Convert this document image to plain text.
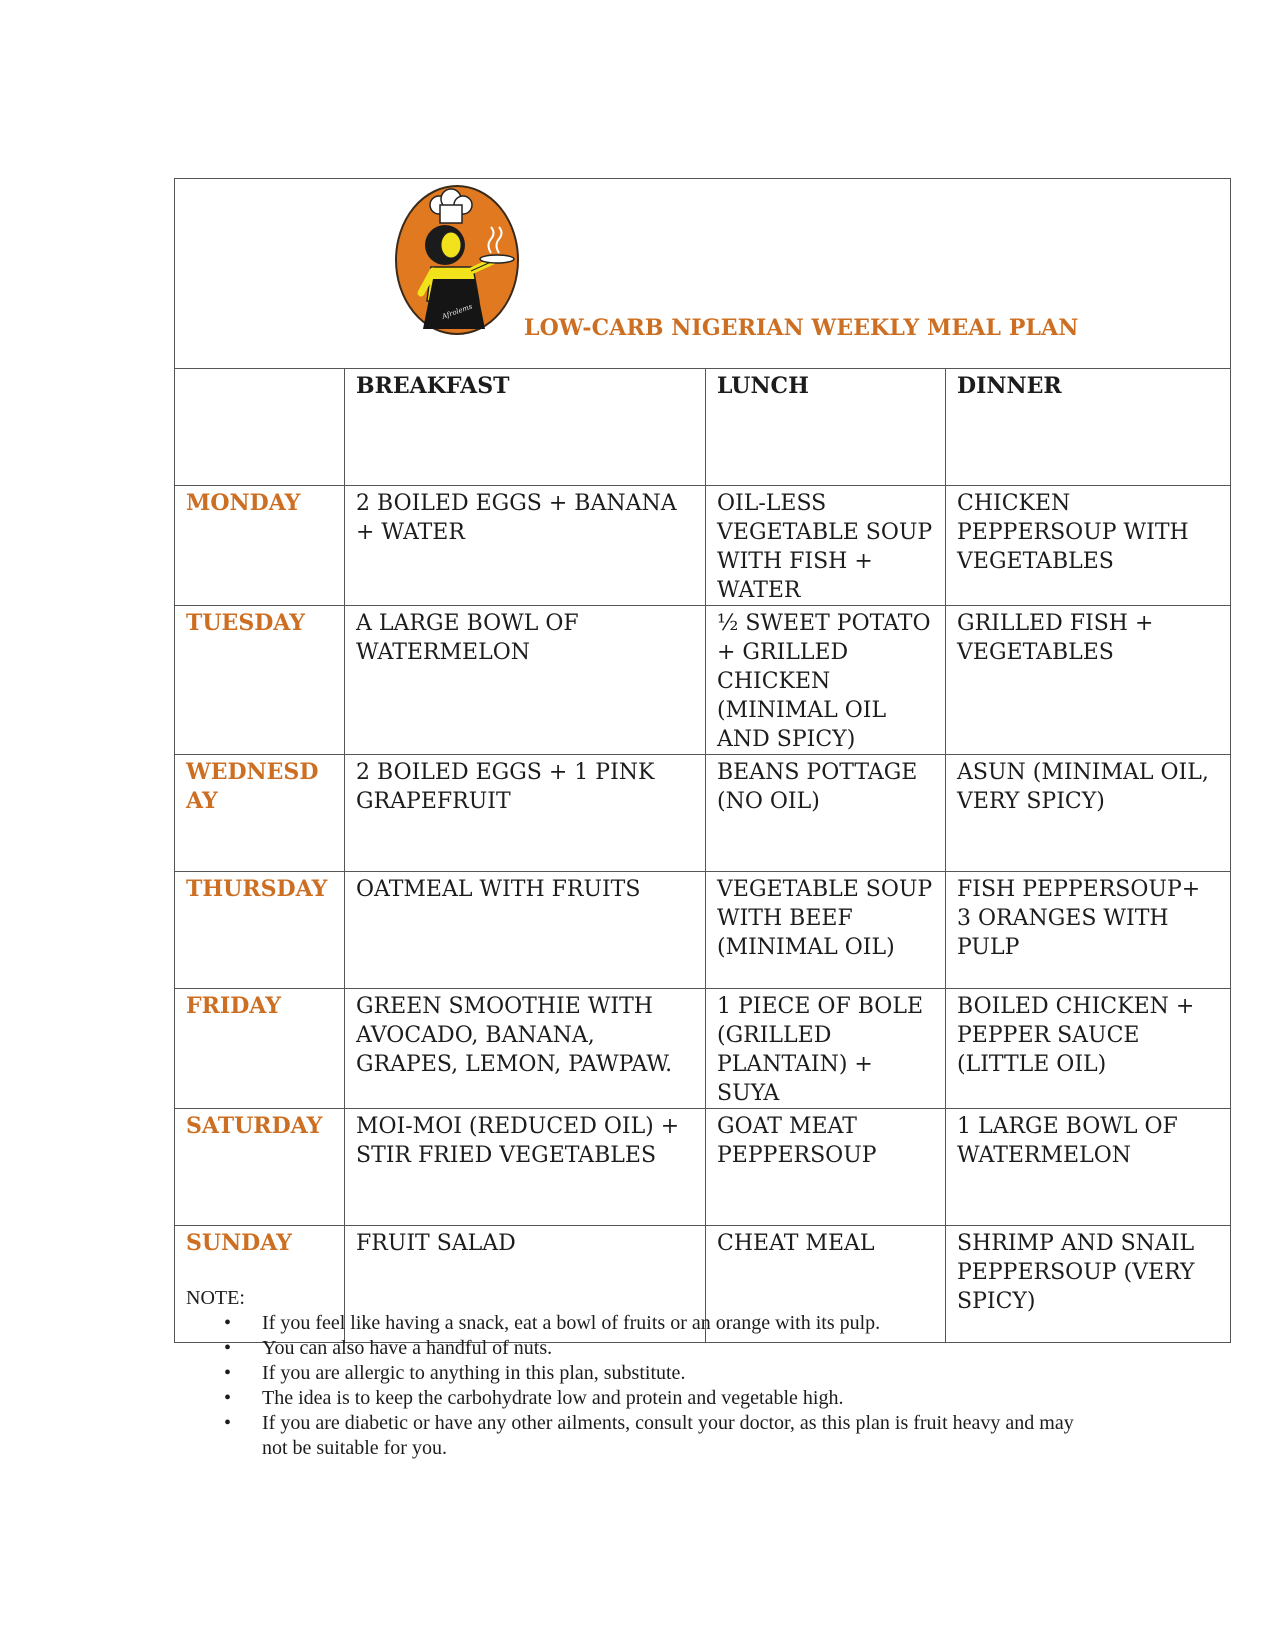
Afrolems
LOW-CARB NIGERIAN WEEKLY MEAL PLAN			

	BREAKFAST	LUNCH	DINNER
MONDAY	2 BOILED EGGS + BANANA + WATER	OIL-LESS VEGETABLE SOUP WITH FISH + WATER	CHICKEN PEPPERSOUP WITH VEGETABLES
TUESDAY	A LARGE BOWL OF WATERMELON	½ SWEET POTATO + GRILLED CHICKEN (MINIMAL OIL AND SPICY)	GRILLED FISH + VEGETABLES
WEDNESDAY	2 BOILED EGGS + 1 PINK GRAPEFRUIT	BEANS POTTAGE (NO OIL)	ASUN (MINIMAL OIL, VERY SPICY)
THURSDAY	OATMEAL WITH FRUITS	VEGETABLE SOUP WITH BEEF (MINIMAL OIL)	FISH PEPPERSOUP+ 3 ORANGES WITH PULP
FRIDAY	GREEN SMOOTHIE WITH AVOCADO, BANANA, GRAPES, LEMON, PAWPAW.	1 PIECE OF BOLE (GRILLED PLANTAIN) + SUYA	BOILED CHICKEN + PEPPER SAUCE (LITTLE OIL)
SATURDAY	MOI-MOI (REDUCED OIL) + STIR FRIED VEGETABLES	GOAT MEAT PEPPERSOUP	1 LARGE BOWL OF WATERMELON
SUNDAY	FRUIT SALAD	CHEAT MEAL	SHRIMP AND SNAIL PEPPERSOUP (VERY SPICY)
NOTE:
• If you feel like having a snack, eat a bowl of fruits or an orange with its pulp.
• You can also have a handful of nuts.
• If you are allergic to anything in this plan, substitute.
• The idea is to keep the carbohydrate low and protein and vegetable high.
• If you are diabetic or have any other ailments, consult your doctor, as this plan is fruit heavy and may not be suitable for you.
